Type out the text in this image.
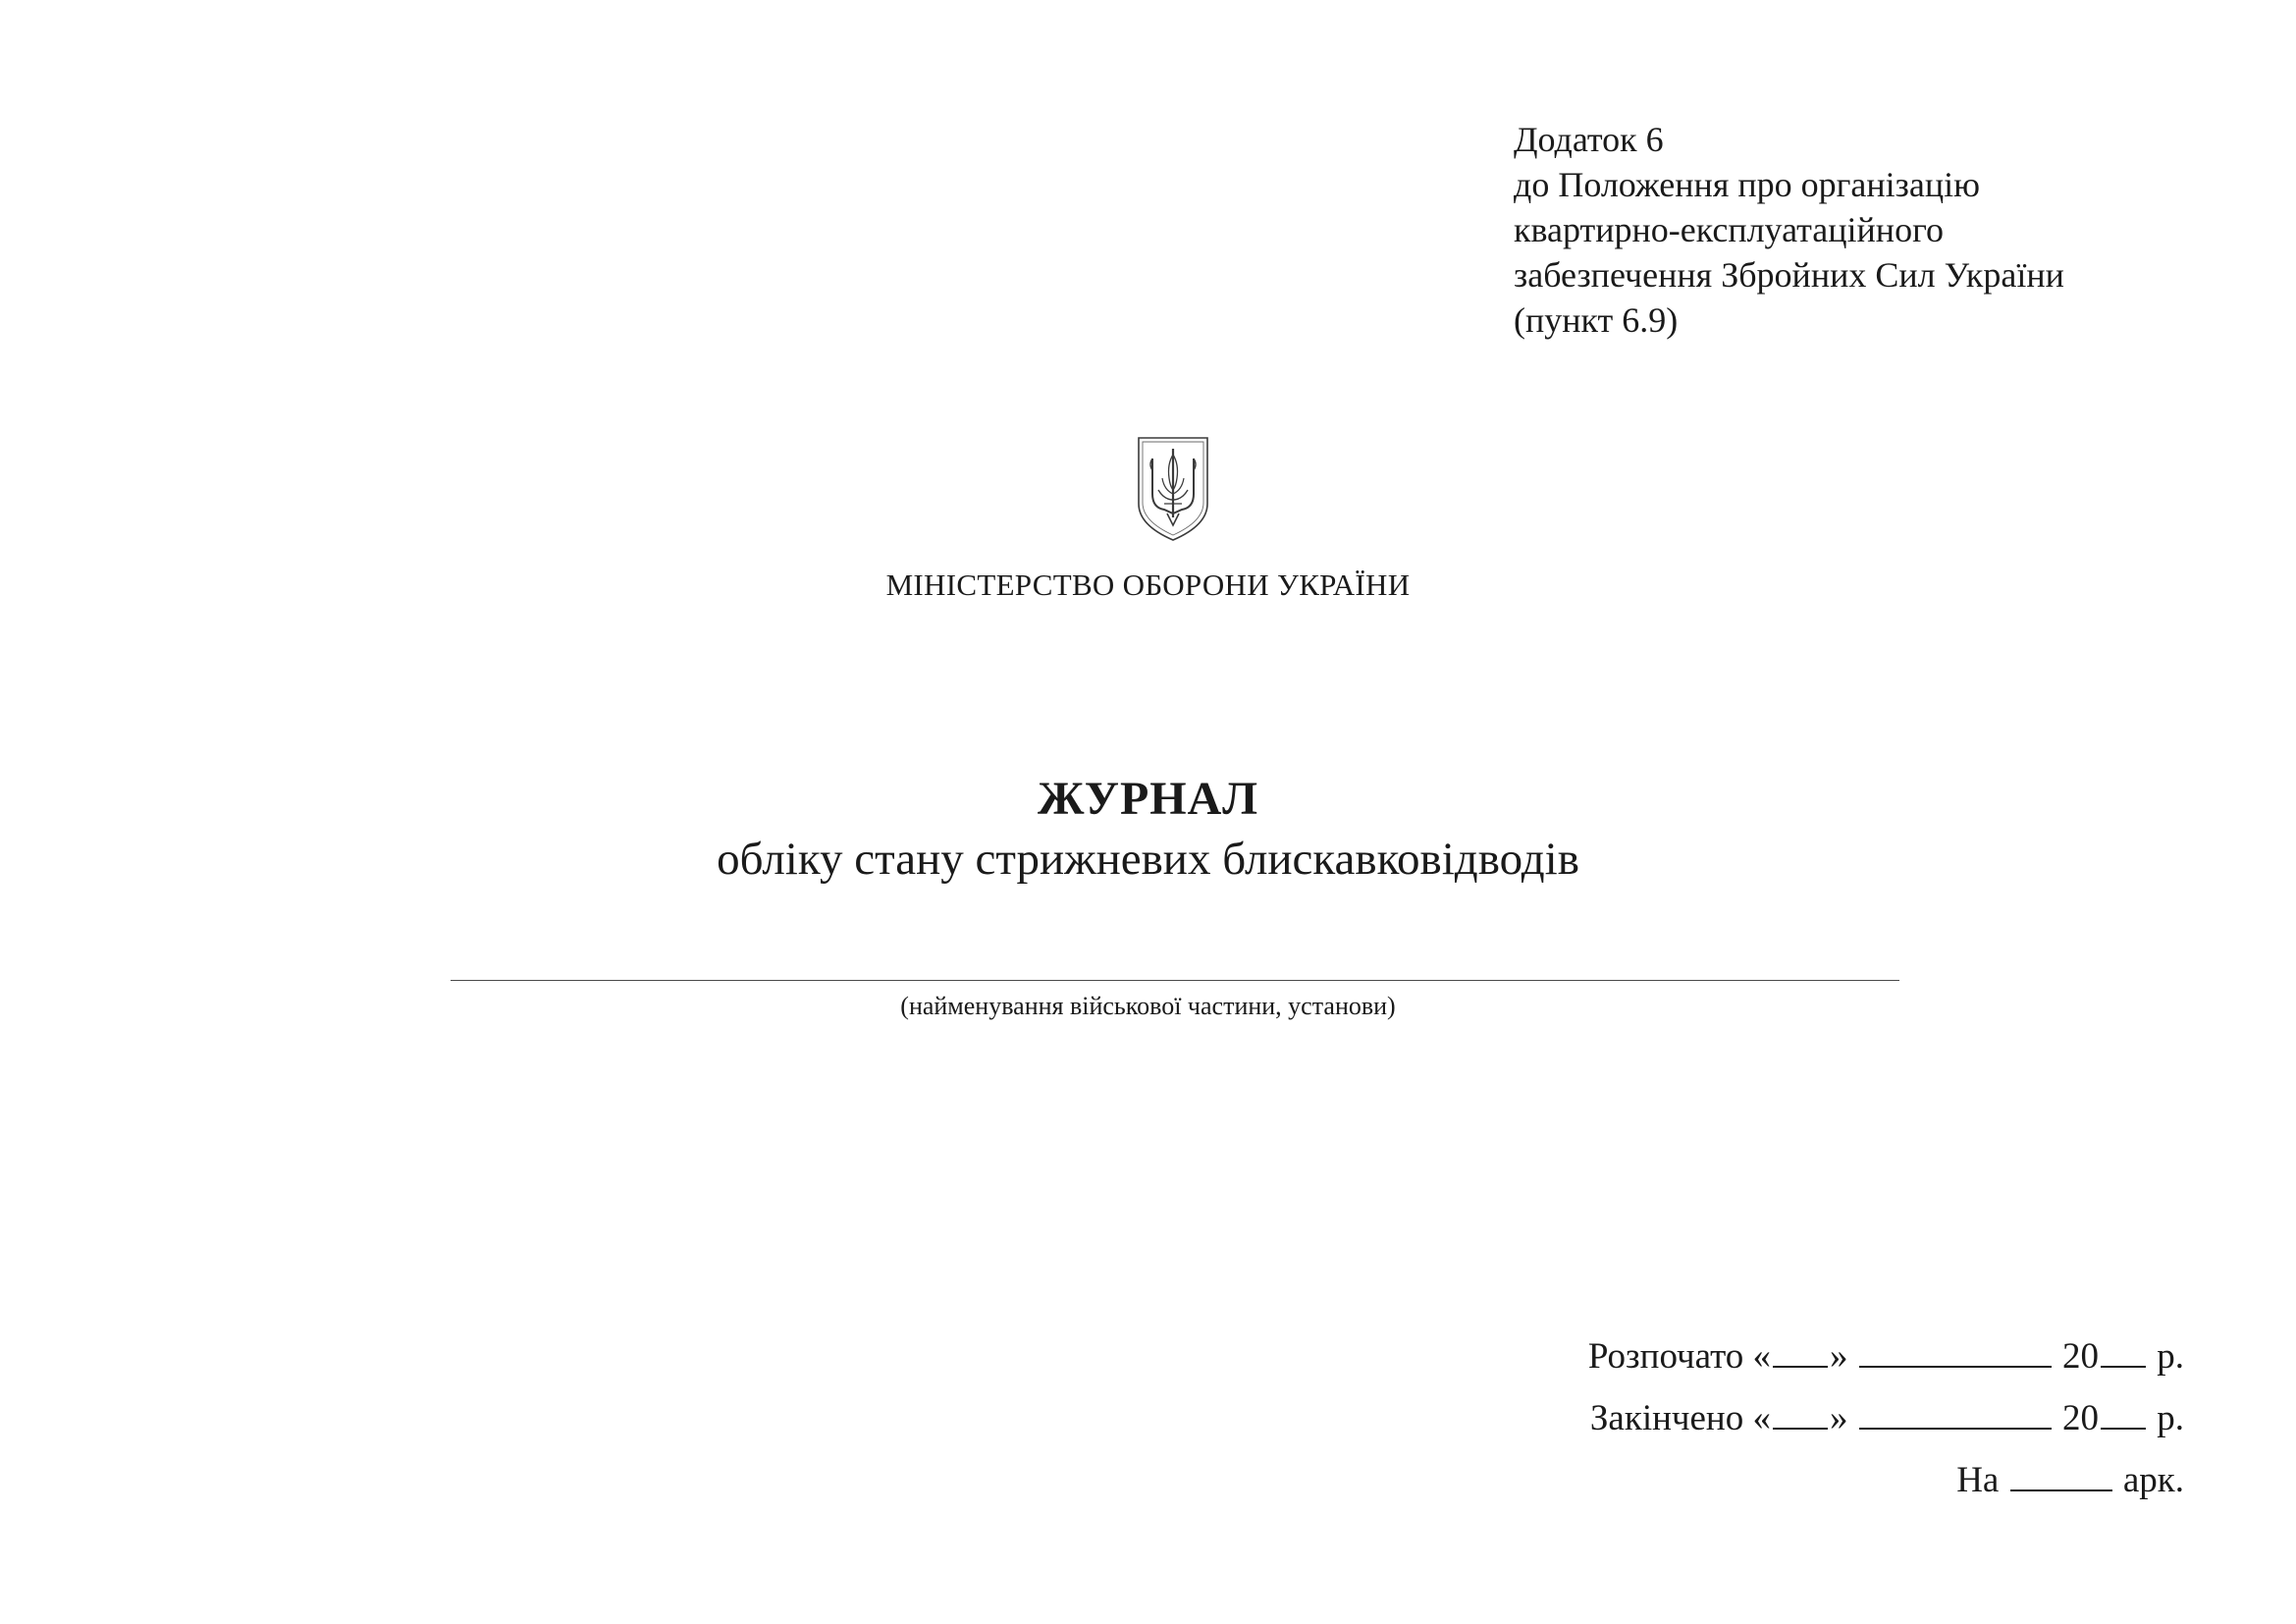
Додаток 6
до Положення про організацію
квартирно-експлуатаційного
забезпечення Збройних Сил України
(пункт 6.9)
МІНІСТЕРСТВО ОБОРОНИ УКРАЇНИ
ЖУРНАЛ
обліку стану стрижневих блискавковідводів
(найменування військової частини, установи)
Розпочато « »	20 р.
Закінчено « »	20 р.
На	арк.
